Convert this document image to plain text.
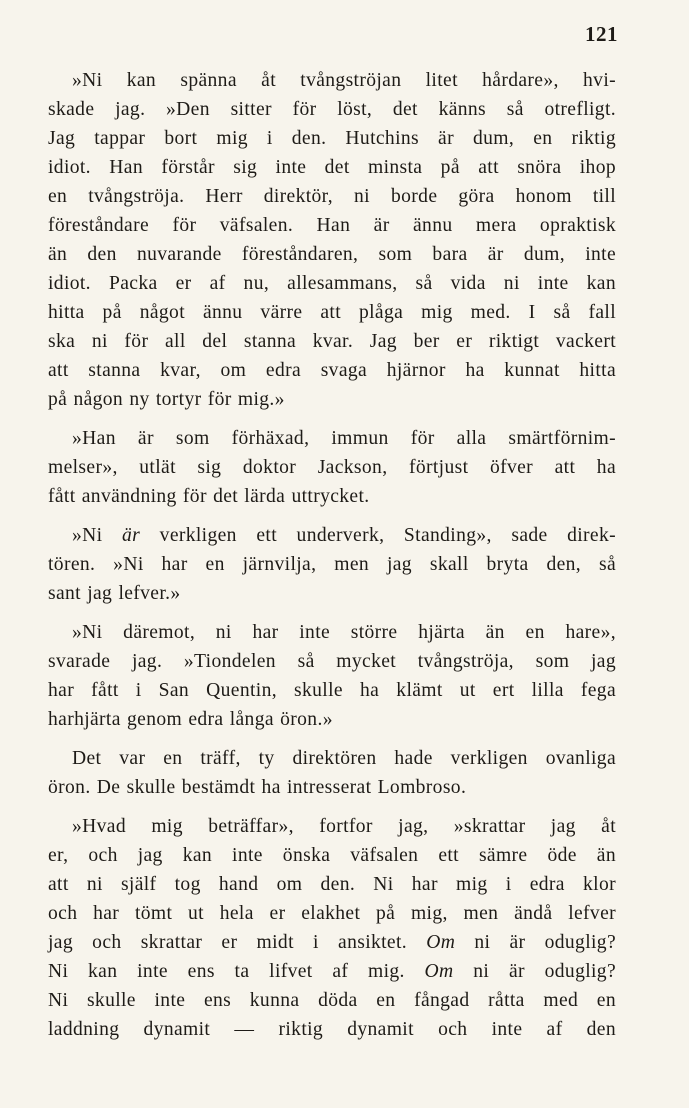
121

»Ni kan spänna åt tvångströjan litet hårdare», hvi-
skade jag. »Den sitter för löst, det känns så otrefligt.
Jag tappar bort mig i den. Hutchins är dum, en riktig
idiot. Han förstår sig inte det minsta på att snöra ihop
en tvångströja. Herr direktör, ni borde göra honom till
föreståndare för väfsalen. Han är ännu mera opraktisk
än den nuvarande föreståndaren, som bara är dum, inte
idiot. Packa er af nu, allesammans, så vida ni inte kan
hitta på något ännu värre att plåga mig med. I så fall
ska ni för all del stanna kvar. Jag ber er riktigt vackert
att stanna kvar, om edra svaga hjärnor ha kunnat hitta
på någon ny tortyr för mig.»

»Han är som förhäxad, immun för alla smärtförnim-
melser», utlät sig doktor Jackson, förtjust öfver att ha
fått användning för det lärda uttrycket.

»Ni är verkligen ett underverk, Standing», sade direk-
tören. »Ni har en järnvilja, men jag skall bryta den, så
sant jag lefver.»

»Ni däremot, ni har inte större hjärta än en hare»,
svarade jag. »Tiondelen så mycket tvångströja, som jag
har fått i San Quentin, skulle ha klämt ut ert lilla fega
harhjärta genom edra långa öron.»

Det var en träff, ty direktören hade verkligen ovanliga
öron. De skulle bestämdt ha intresserat Lombroso.

»Hvad mig beträffar», fortfor jag, »skrattar jag åt
er, och jag kan inte önska väfsalen ett sämre öde än
att ni själf tog hand om den. Ni har mig i edra klor
och har tömt ut hela er elakhet på mig, men ändå lefver
jag och skrattar er midt i ansiktet. Om ni är oduglig?
Ni kan inte ens ta lifvet af mig. Om ni är oduglig?
Ni skulle inte ens kunna döda en fångad råtta med en
laddning dynamit — riktig dynamit och inte af den
